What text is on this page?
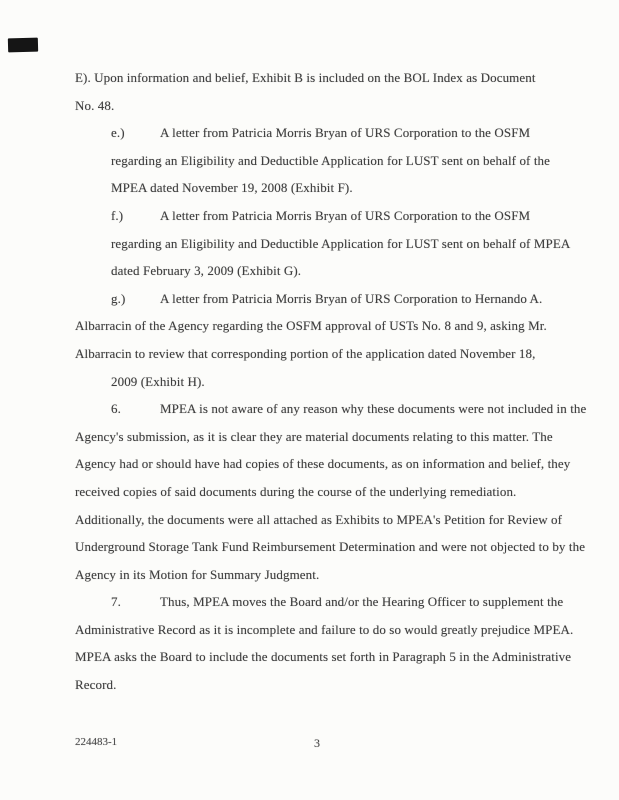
E). Upon information and belief, Exhibit B is included on the BOL Index as Document
No. 48.
e.)	A letter from Patricia Morris Bryan of URS Corporation to the OSFM
regarding an Eligibility and Deductible Application for LUST sent on behalf of the
MPEA dated November 19, 2008 (Exhibit F).
f.)	A letter from Patricia Morris Bryan of URS Corporation to the OSFM
regarding an Eligibility and Deductible Application for LUST sent on behalf of MPEA
dated February 3, 2009 (Exhibit G).
g.)	A letter from Patricia Morris Bryan of URS Corporation to Hernando A.
Albarracin of the Agency regarding the OSFM approval of USTs No. 8 and 9, asking Mr.
Albarracin to review that corresponding portion of the application dated November 18,
2009 (Exhibit H).
6.	MPEA is not aware of any reason why these documents were not included in the
Agency's submission, as it is clear they are material documents relating to this matter. The
Agency had or should have had copies of these documents, as on information and belief, they
received copies of said documents during the course of the underlying remediation.
Additionally, the documents were all attached as Exhibits to MPEA's Petition for Review of
Underground Storage Tank Fund Reimbursement Determination and were not objected to by the
Agency in its Motion for Summary Judgment.
7.	Thus, MPEA moves the Board and/or the Hearing Officer to supplement the
Administrative Record as it is incomplete and failure to do so would greatly prejudice MPEA.
MPEA asks the Board to include the documents set forth in Paragraph 5 in the Administrative
Record.
224483-1	3
